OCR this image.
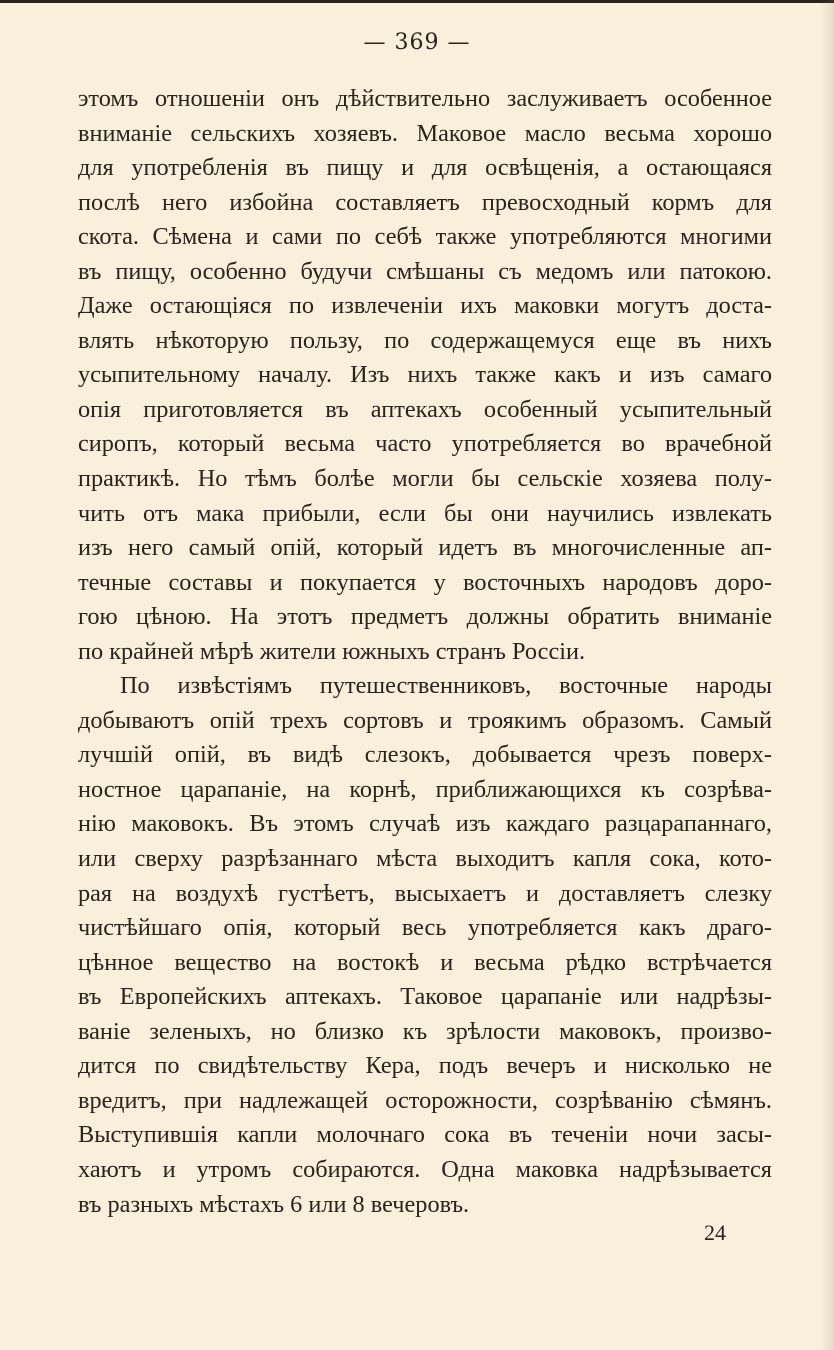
— 369 —
этомъ отношеніи онъ дѣйствительно заслуживаетъ особенное
вниманіе сельскихъ хозяевъ. Маковое масло весьма хорошо
для употребленія въ пищу и для освѣщенія, а остающаяся
послѣ него избойна составляетъ превосходный кормъ для
скота. Сѣмена и сами по себѣ также употребляются многими
въ пищу, особенно будучи смѣшаны съ медомъ или патокою.
Даже остающіяся по извлеченіи ихъ маковки могутъ доста-
влять нѣкоторую пользу, по содержащемуся еще въ нихъ
усыпительному началу. Изъ нихъ также какъ и изъ самаго
опія приготовляется въ аптекахъ особенный усыпительный
сиропъ, который весьма часто употребляется во врачебной
практикѣ. Но тѣмъ болѣе могли бы сельскіе хозяева полу-
чить отъ мака прибыли, если бы они научились извлекать
изъ него самый опій, который идетъ въ многочисленные ап-
течные составы и покупается у восточныхъ народовъ доро-
гою цѣною. На этотъ предметъ должны обратить вниманіе
по крайней мѣрѣ жители южныхъ странъ Россіи.
По извѣстіямъ путешественниковъ, восточные народы
добываютъ опій трехъ сортовъ и троякимъ образомъ. Самый
лучшій опій, въ видѣ слезокъ, добывается чрезъ поверх-
ностное царапаніе, на корнѣ, приближающихся къ созрѣва-
нію маковокъ. Въ этомъ случаѣ изъ каждаго разцарапаннаго,
или сверху разрѣзаннаго мѣста выходитъ капля сока, кото-
рая на воздухѣ густѣетъ, высыхаетъ и доставляетъ слезку
чистѣйшаго опія, который весь употребляется какъ драго-
цѣнное вещество на востокѣ и весьма рѣдко встрѣчается
въ Европейскихъ аптекахъ. Таковое царапаніе или надрѣзы-
ваніе зеленыхъ, но близко къ зрѣлости маковокъ, произво-
дится по свидѣтельству Кера, подъ вечеръ и нисколько не
вредитъ, при надлежащей осторожности, созрѣванію сѣмянъ.
Выступившія капли молочнаго сока въ теченіи ночи засы-
хаютъ и утромъ собираются. Одна маковка надрѣзывается
въ разныхъ мѣстахъ 6 или 8 вечеровъ.
24
